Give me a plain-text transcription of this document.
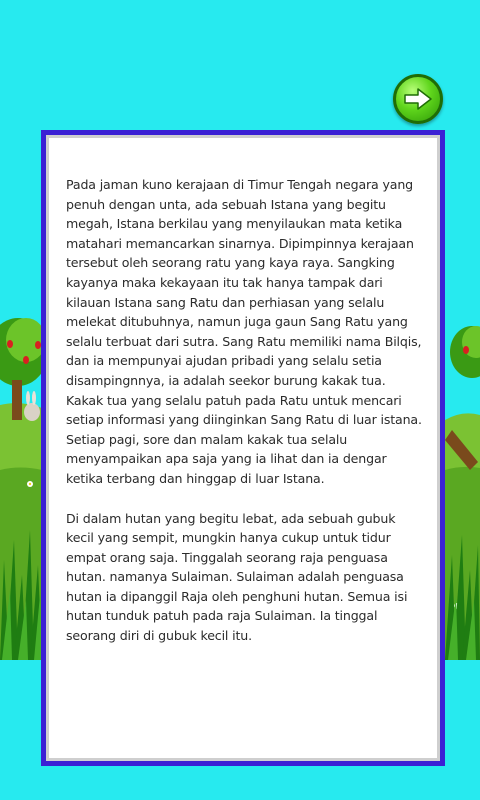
Pada jaman kuno kerajaan di Timur Tengah negara yang penuh dengan unta, ada sebuah Istana yang begitu megah, Istana berkilau yang menyilaukan mata ketika matahari memancarkan sinarnya. Dipimpinnya kerajaan tersebut oleh seorang ratu yang kaya raya. Sangking kayanya maka kekayaan itu tak hanya tampak dari kilauan Istana sang Ratu dan perhiasan yang selalu melekat ditubuhnya, namun juga gaun Sang Ratu yang selalu terbuat dari sutra. Sang Ratu memiliki nama Bilqis, dan ia mempunyai ajudan pribadi yang selalu setia disampingnnya, ia adalah seekor burung kakak tua. Kakak tua yang selalu patuh pada Ratu untuk mencari setiap informasi yang diinginkan Sang Ratu di luar istana. Setiap pagi, sore dan malam kakak tua selalu menyampaikan apa saja yang ia lihat dan ia dengar ketika terbang dan hinggap di luar Istana.

Di dalam hutan yang begitu lebat, ada sebuah gubuk kecil yang sempit, mungkin hanya cukup untuk tidur empat orang saja. Tinggalah seorang raja penguasa hutan. namanya Sulaiman. Sulaiman adalah penguasa hutan ia dipanggil Raja oleh penghuni hutan. Semua isi hutan tunduk patuh pada raja Sulaiman. Ia tinggal seorang diri di gubuk kecil itu.
